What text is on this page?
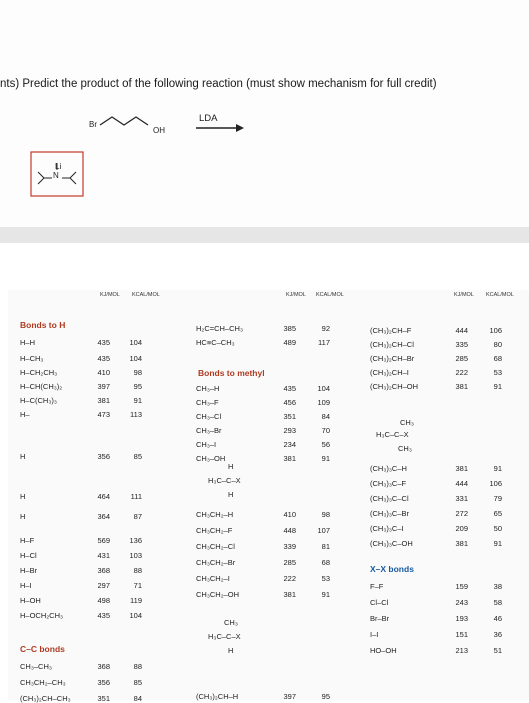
nts) Predict the product of the following reaction (must show mechanism for full credit)
Br
OH
LDA
Li
N
KJ/MOL KCAL/MOL	KJ/MOL KCAL/MOL	KJ/MOL KCAL/MOL
Bonds to H
H–H	435	104
H–CH₃	435	104
H–CH₂CH₃	410	98
H–CH(CH₃)₂	397	95
H–C(CH₃)₃	381	91
H–	473	113
H	356	85
H	464	111
H	364	87
H–F	569	136
H–Cl	431	103
H–Br	368	88
H–I	297	71
H–OH	498	119
H–OCH₂CH₃	435	104
C–C bonds
CH₃–CH₃	368	88
CH₃CH₂–CH₃	356	85
(CH₃)₂CH–CH₃	351	84
H₂C=CH–CH₃	385	92
HC≡C–CH₃	489	117
CH₃–H	435	104
CH₃–F	456	109
CH₃–Cl	351	84
CH₃–Br	293	70
CH₃–I	234	56
CH₃–OH	381	91
H
H₃C–C–X
H
CH₃CH₂–H	410	98
CH₃CH₂–F	448	107
CH₃CH₂–Cl	339	81
CH₃CH₂–Br	285	68
CH₃CH₂–I	222	53
CH₃CH₂–OH	381	91
CH₃
H₃C–C–X
H
(CH₃)₂CH–H	397	95
Bonds to methyl
(CH₃)₂CH–F	444	106
(CH₃)₂CH–Cl	335	80
(CH₃)₂CH–Br	285	68
(CH₃)₂CH–I	222	53
(CH₃)₂CH–OH	381	91
CH₃
H₃C–C–X
CH₃
(CH₃)₃C–H	381	91
(CH₃)₃C–F	444	106
(CH₃)₃C–Cl	331	79
(CH₃)₃C–Br	272	65
(CH₃)₃C–I	209	50
(CH₃)₃C–OH	381	91
F–F	159	38
Cl–Cl	243	58
Br–Br	193	46
I–I	151	36
HO–OH	213	51
X–X bonds
